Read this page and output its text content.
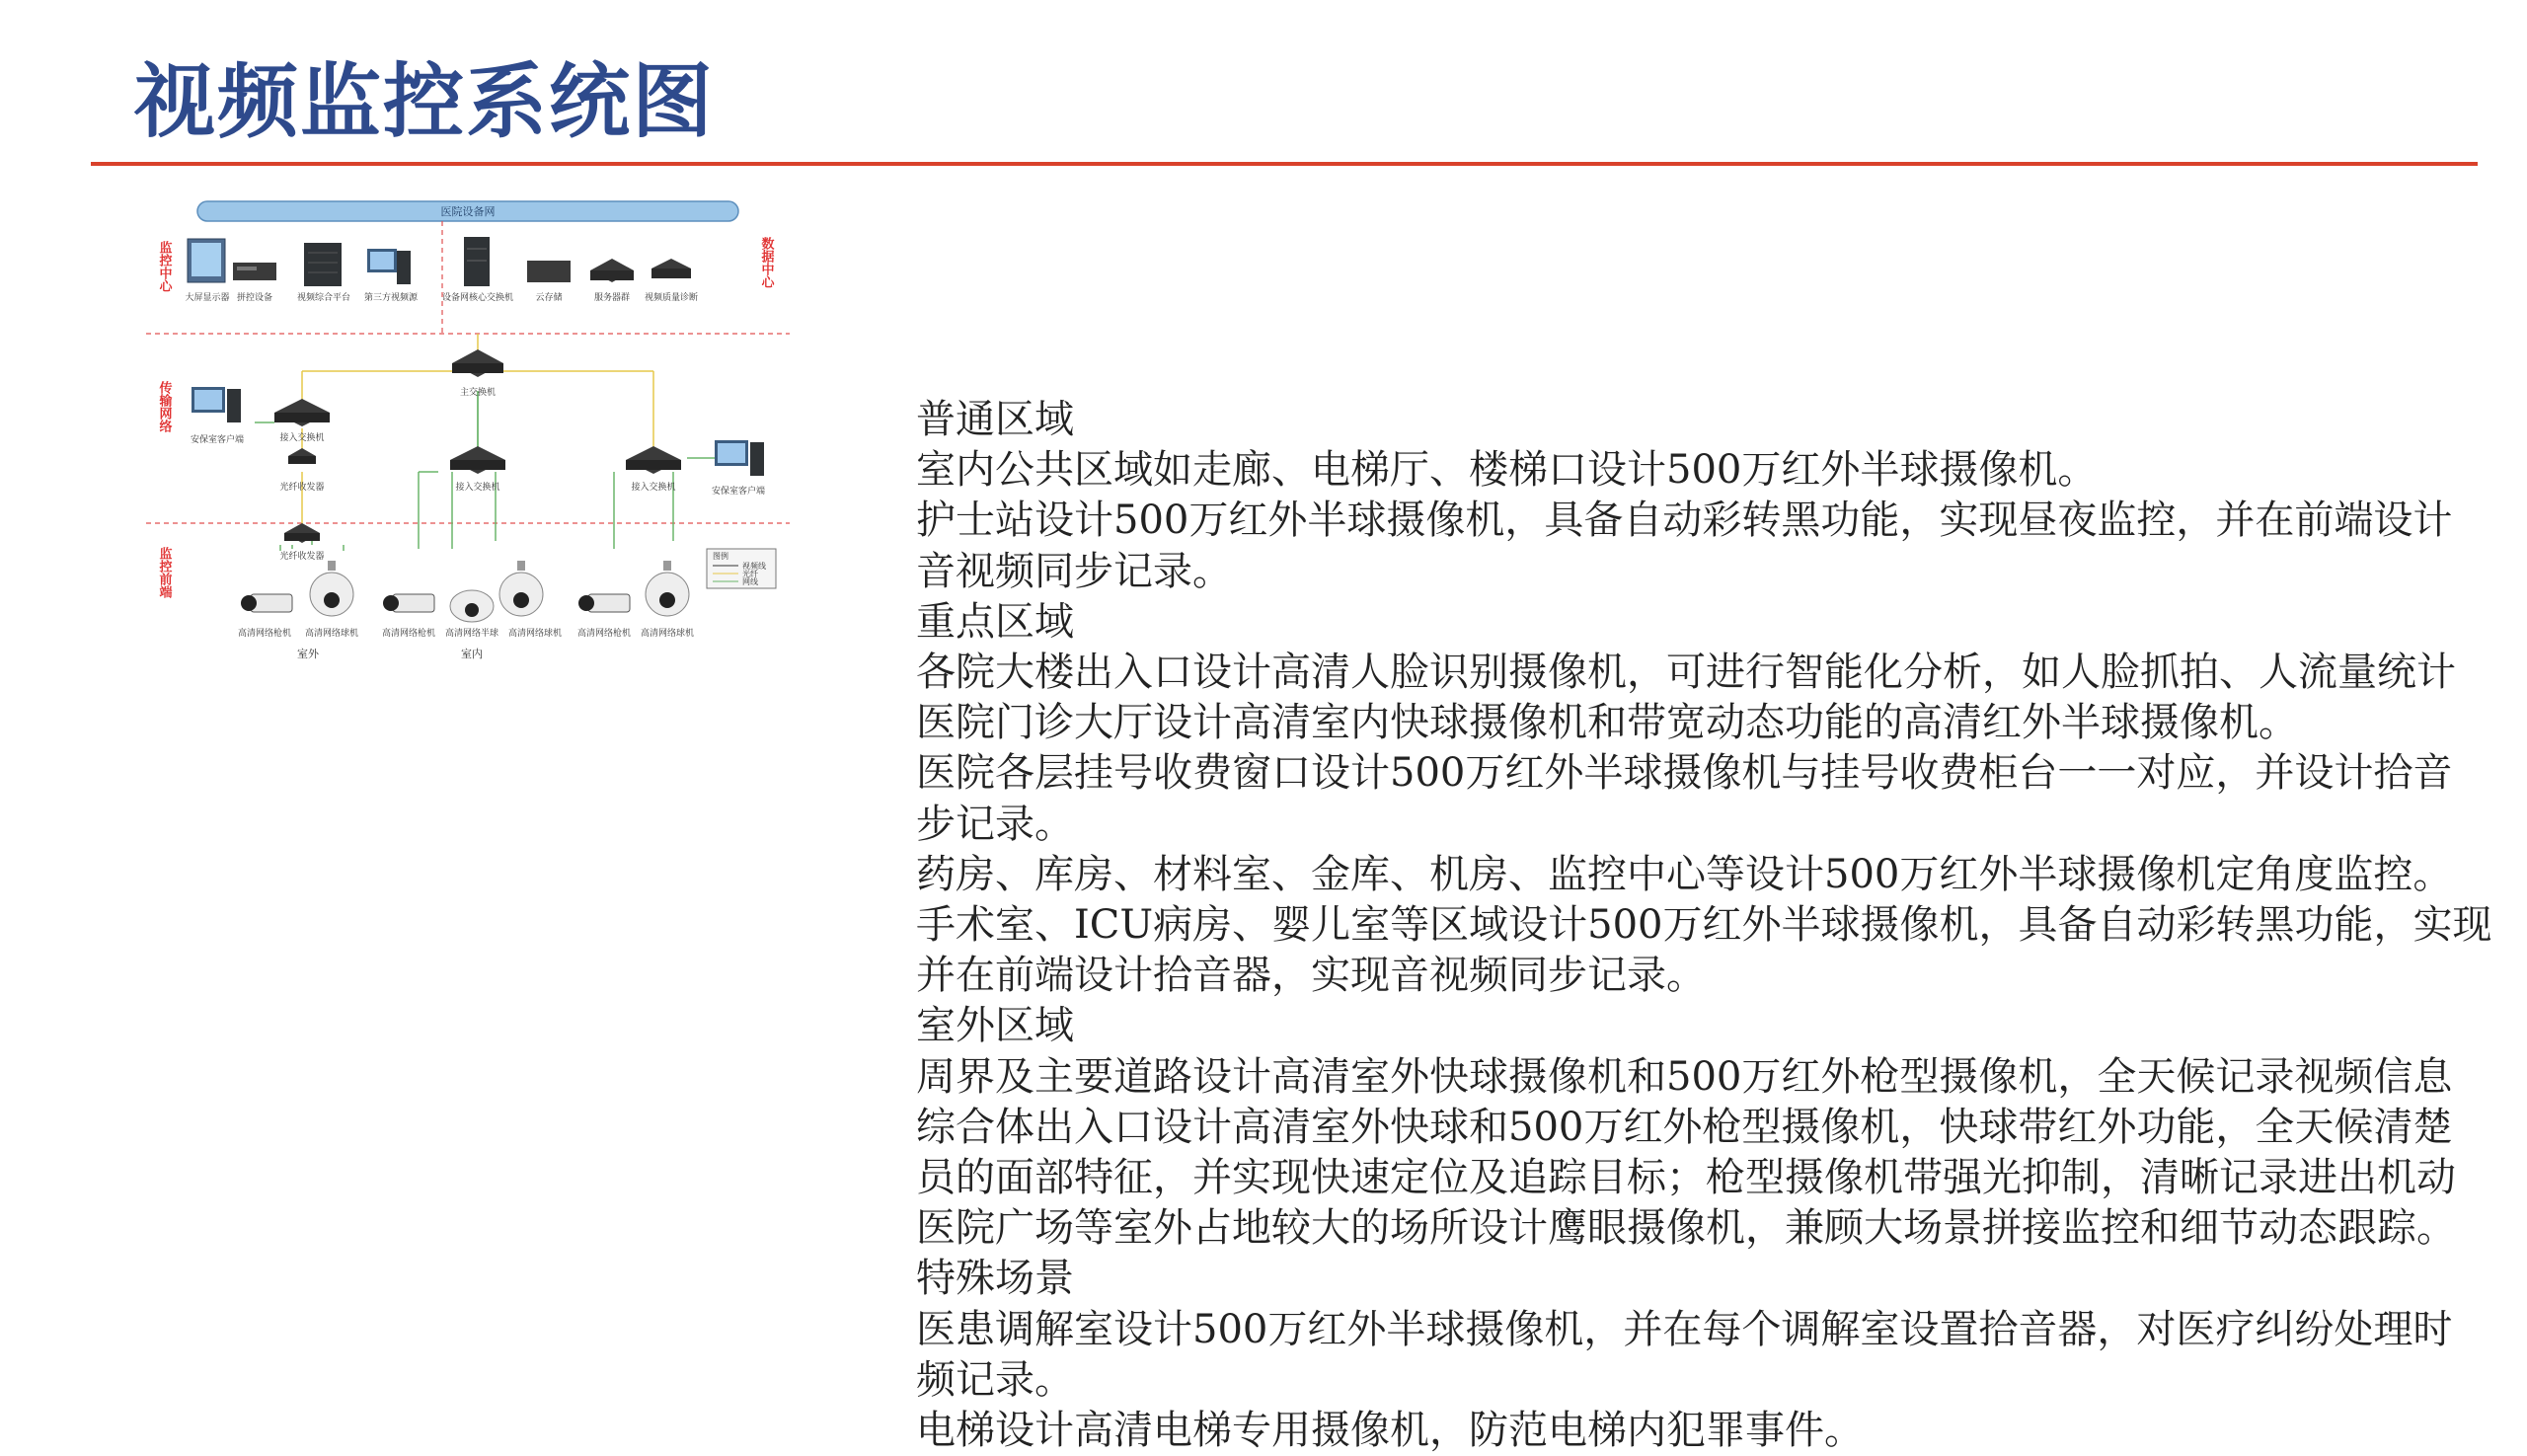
视频监控系统图
医院设备网
监控中心	数据中心
传输网络
监控前端
大屏显示器 拼控设备	视频综合平台 第三方视频源	设备网核心交换机 云存储	服务器群 视频质量诊断
主交换机
接入交换机
接入交换机	接入交换机
安保室客户端
安保室客户端
光纤收发器
光纤收发器
高清网络枪机 高清网络球机	高清网络枪机 高清网络半球 高清网络球机 高清网络枪机 高清网络球机
室外	室内
图例
视频线
光纤
网线
普通区域
室内公共区域如走廊、电梯厅、楼梯口设计500万红外半球摄像机。
护士站设计500万红外半球摄像机，具备自动彩转黑功能，实现昼夜监控，并在前端设计
音视频同步记录。
重点区域
各院大楼出入口设计高清人脸识别摄像机，可进行智能化分析，如人脸抓拍、人流量统计
医院门诊大厅设计高清室内快球摄像机和带宽动态功能的高清红外半球摄像机。
医院各层挂号收费窗口设计500万红外半球摄像机与挂号收费柜台一一对应，并设计拾音
步记录。
药房、库房、材料室、金库、机房、监控中心等设计500万红外半球摄像机定角度监控。
手术室、ICU病房、婴儿室等区域设计500万红外半球摄像机，具备自动彩转黑功能，实现
并在前端设计拾音器，实现音视频同步记录。
室外区域
周界及主要道路设计高清室外快球摄像机和500万红外枪型摄像机，全天候记录视频信息
综合体出入口设计高清室外快球和500万红外枪型摄像机，快球带红外功能，全天候清楚
员的面部特征，并实现快速定位及追踪目标；枪型摄像机带强光抑制，清晰记录进出机动
医院广场等室外占地较大的场所设计鹰眼摄像机，兼顾大场景拼接监控和细节动态跟踪。
特殊场景
医患调解室设计500万红外半球摄像机，并在每个调解室设置拾音器，对医疗纠纷处理时
频记录。
电梯设计高清电梯专用摄像机，防范电梯内犯罪事件。
